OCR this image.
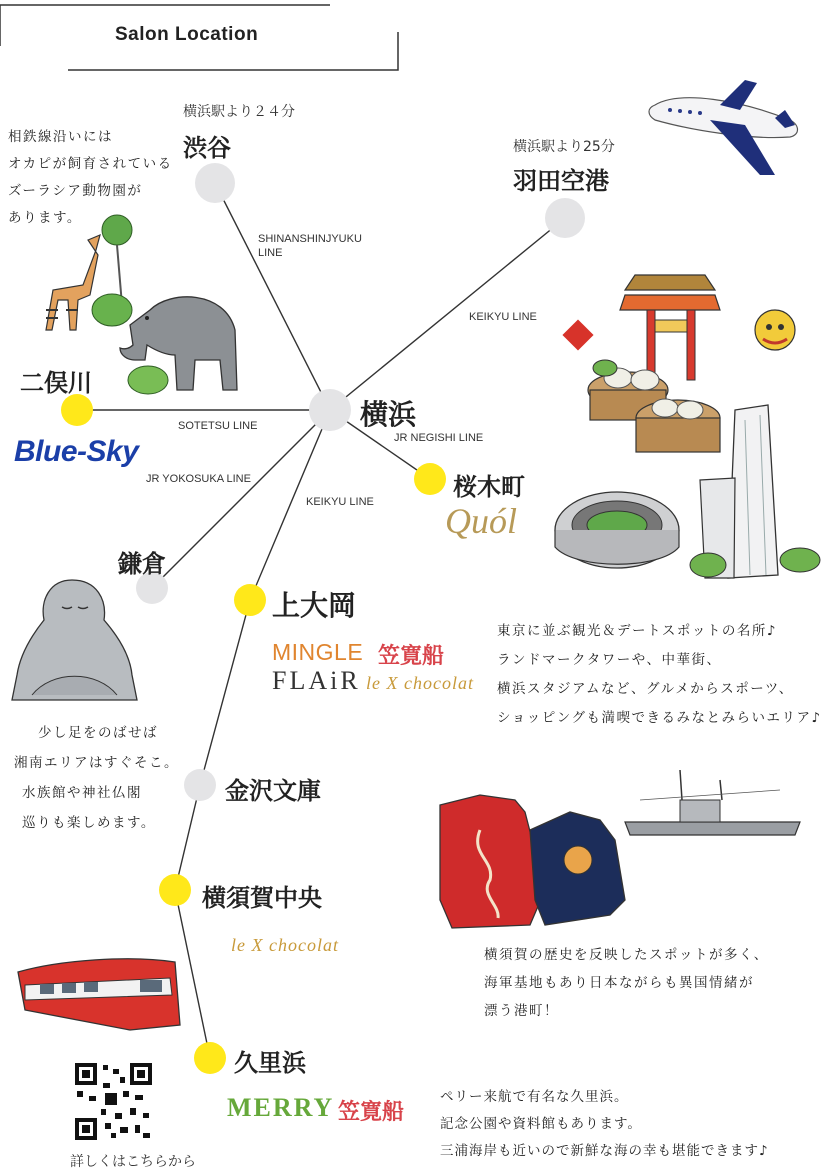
Salon Location
横浜駅より２４分
渋谷	横浜駅より25分
羽田空港
二俣川
横浜
桜木町
鎌倉
上大岡
金沢文庫
横須賀中央
久里浜
SHINANSHINJYUKU
LINE
KEIKYU LINE
SOTETSU LINE
JR NEGISHI LINE
JR YOKOSUKA LINE
KEIKYU LINE
Blue-Sky
Quól
MINGLE 笠寛船
FLAiR le X chocolat
le X chocolat
MERRY 笠寛船
相鉄線沿いには
オカピが飼育されている
ズーラシア動物園が
あります。
東京に並ぶ観光＆デートスポットの名所♪
ランドマークタワーや、中華街、
横浜スタジアムなど、グルメからスポーツ、
ショッピングも満喫できるみなとみらいエリア♪
少し足をのばせば
湘南エリアはすぐそこ。
水族館や神社仏閣
巡りも楽しめます。
横須賀の歴史を反映したスポットが多く、
海軍基地もあり日本ながらも異国情緒が
漂う港町！
ペリー来航で有名な久里浜。
記念公園や資料館もあります。
三浦海岸も近いので新鮮な海の幸も堪能できます♪
詳しくはこちらから
